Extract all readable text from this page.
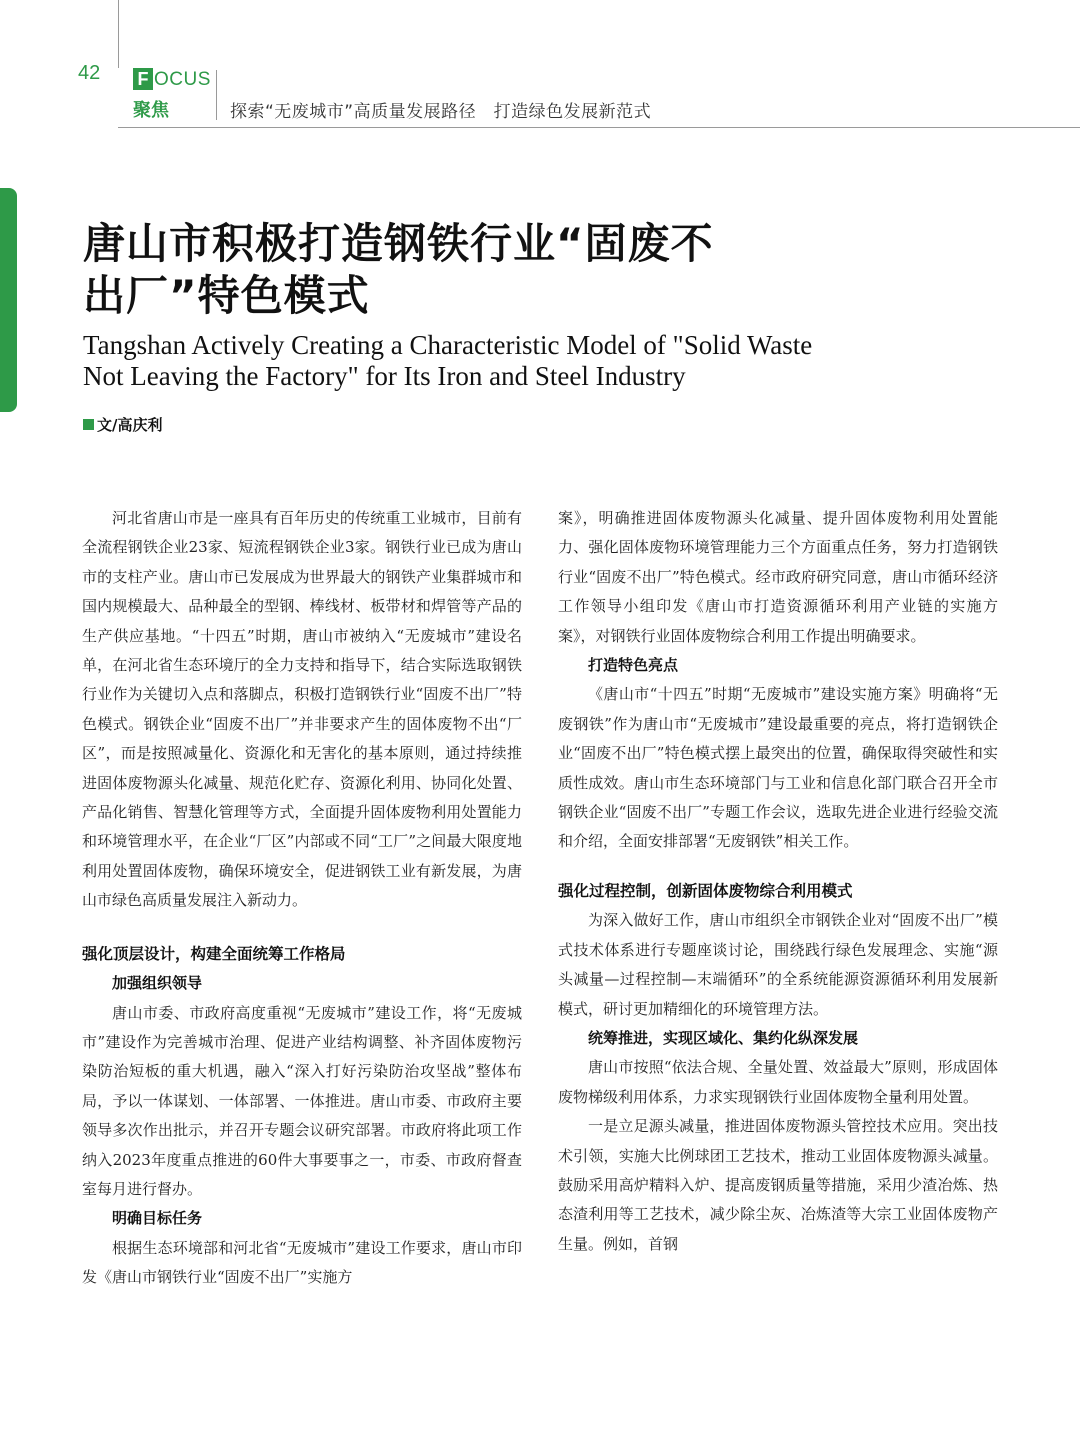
42 F OCUS
聚焦	探索“无废城市”高质量发展路径　打造绿色发展新范式
唐山市积极打造钢铁行业“固废不
出厂”特色模式
Tangshan Actively Creating a Characteristic Model of "Solid Waste
Not Leaving the Factory" for Its Iron and Steel Industry
文/高庆利

河北省唐山市是一座具有百年历史的传统重工业城市，目前有全流程钢铁企业23家、短流程钢铁企业3家。钢铁行业已成为唐山市的支柱产业。唐山市已发展成为世界最大的钢铁产业集群城市和国内规模最大、品种最全的型钢、棒线材、板带材和焊管等产品的生产供应基地。“十四五”时期，唐山市被纳入“无废城市”建设名单，在河北省生态环境厅的全力支持和指导下，结合实际选取钢铁行业作为关键切入点和落脚点，积极打造钢铁行业“固废不出厂”特色模式。钢铁企业“固废不出厂”并非要求产生的固体废物不出“厂区”，而是按照减量化、资源化和无害化的基本原则，通过持续推进固体废物源头化减量、规范化贮存、资源化利用、协同化处置、产品化销售、智慧化管理等方式，全面提升固体废物利用处置能力和环境管理水平，在企业“厂区”内部或不同“工厂”之间最大限度地利用处置固体废物，确保环境安全，促进钢铁工业有新发展，为唐山市绿色高质量发展注入新动力。

强化顶层设计，构建全面统筹工作格局

加强组织领导

唐山市委、市政府高度重视“无废城市”建设工作，将“无废城市”建设作为完善城市治理、促进产业结构调整、补齐固体废物污染防治短板的重大机遇，融入“深入打好污染防治攻坚战”整体布局，予以一体谋划、一体部署、一体推进。唐山市委、市政府主要领导多次作出批示，并召开专题会议研究部署。市政府将此项工作纳入2023年度重点推进的60件大事要事之一，市委、市政府督查室每月进行督办。

明确目标任务

根据生态环境部和河北省“无废城市”建设工作要求，唐山市印发《唐山市钢铁行业“固废不出厂”实施方

案》，明确推进固体废物源头化减量、提升固体废物利用处置能力、强化固体废物环境管理能力三个方面重点任务，努力打造钢铁行业“固废不出厂”特色模式。经市政府研究同意，唐山市循环经济工作领导小组印发《唐山市打造资源循环利用产业链的实施方案》，对钢铁行业固体废物综合利用工作提出明确要求。

打造特色亮点

《唐山市“十四五”时期“无废城市”建设实施方案》明确将“无废钢铁”作为唐山市“无废城市”建设最重要的亮点，将打造钢铁企业“固废不出厂”特色模式摆上最突出的位置，确保取得突破性和实质性成效。唐山市生态环境部门与工业和信息化部门联合召开全市钢铁企业“固废不出厂”专题工作会议，选取先进企业进行经验交流和介绍，全面安排部署“无废钢铁”相关工作。

强化过程控制，创新固体废物综合利用模式

为深入做好工作，唐山市组织全市钢铁企业对“固废不出厂”模式技术体系进行专题座谈讨论，围绕践行绿色发展理念、实施“源头减量—过程控制—末端循环”的全系统能源资源循环利用发展新模式，研讨更加精细化的环境管理方法。

统筹推进，实现区域化、集约化纵深发展

唐山市按照“依法合规、全量处置、效益最大”原则，形成固体废物梯级利用体系，力求实现钢铁行业固体废物全量利用处置。

一是立足源头减量，推进固体废物源头管控技术应用。突出技术引领，实施大比例球团工艺技术，推动工业固体废物源头减量。鼓励采用高炉精料入炉、提高废钢质量等措施，采用少渣冶炼、热态渣利用等工艺技术，减少除尘灰、冶炼渣等大宗工业固体废物产生量。例如，首钢
